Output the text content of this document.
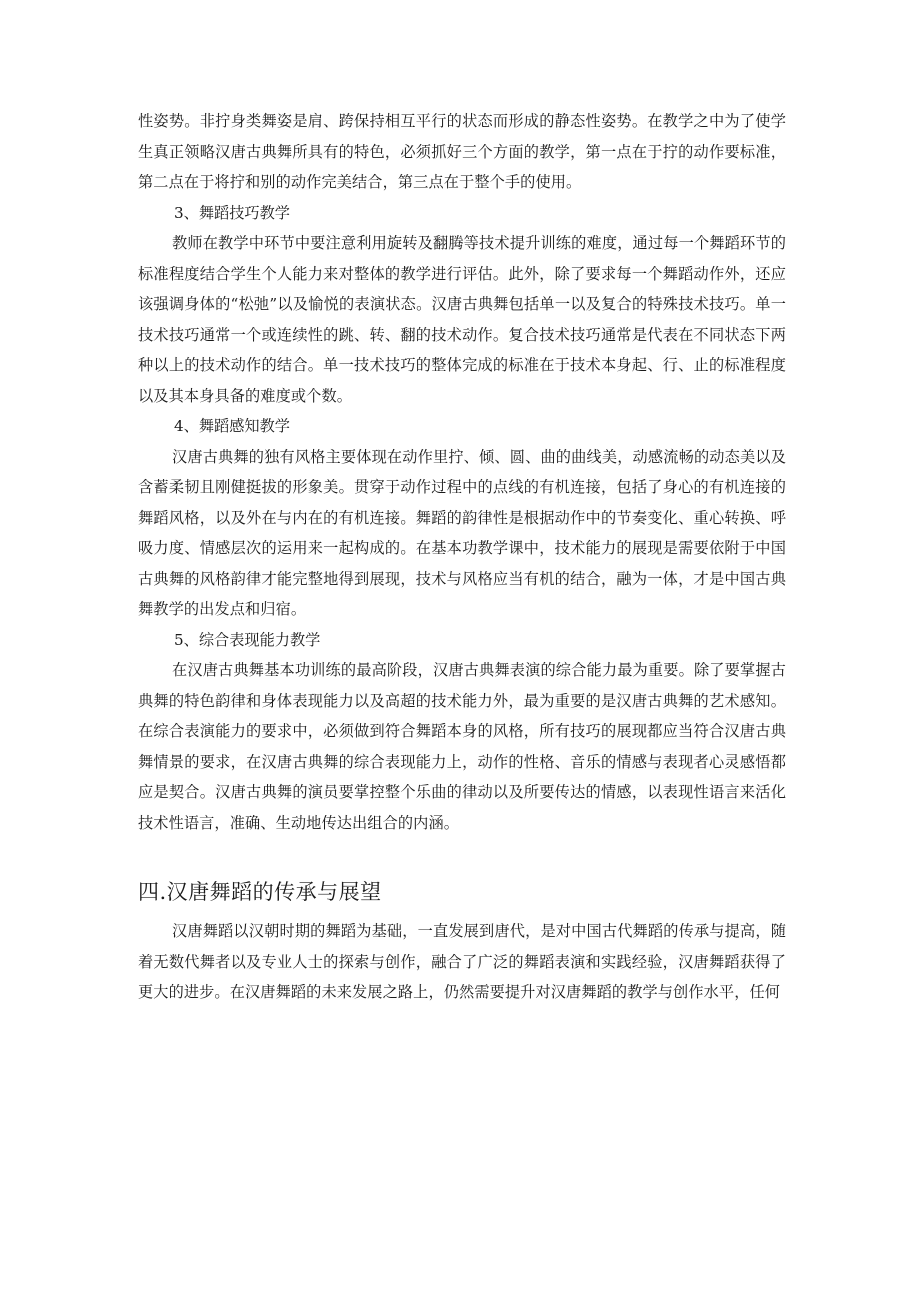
性姿势。非拧身类舞姿是肩、跨保持相互平行的状态而形成的静态性姿势。在教学之中为了使学生真正领略汉唐古典舞所具有的特色，必须抓好三个方面的教学，第一点在于拧的动作要标准，第二点在于将拧和别的动作完美结合，第三点在于整个手的使用。

3、舞蹈技巧教学

教师在教学中环节中要注意利用旋转及翻腾等技术提升训练的难度，通过每一个舞蹈环节的标准程度结合学生个人能力来对整体的教学进行评估。此外，除了要求每一个舞蹈动作外，还应该强调身体的“松弛”以及愉悦的表演状态。汉唐古典舞包括单一以及复合的特殊技术技巧。单一技术技巧通常一个或连续性的跳、转、翻的技术动作。复合技术技巧通常是代表在不同状态下两种以上的技术动作的结合。单一技术技巧的整体完成的标准在于技术本身起、行、止的标准程度以及其本身具备的难度或个数。

4、舞蹈感知教学

汉唐古典舞的独有风格主要体现在动作里拧、倾、圆、曲的曲线美，动感流畅的动态美以及含蓄柔韧且刚健挺拔的形象美。贯穿于动作过程中的点线的有机连接，包括了身心的有机连接的舞蹈风格，以及外在与内在的有机连接。舞蹈的韵律性是根据动作中的节奏变化、重心转换、呼吸力度、情感层次的运用来一起构成的。在基本功教学课中，技术能力的展现是需要依附于中国古典舞的风格韵律才能完整地得到展现，技术与风格应当有机的结合，融为一体，才是中国古典舞教学的出发点和归宿。

5、综合表现能力教学

在汉唐古典舞基本功训练的最高阶段，汉唐古典舞表演的综合能力最为重要。除了要掌握古典舞的特色韵律和身体表现能力以及高超的技术能力外，最为重要的是汉唐古典舞的艺术感知。在综合表演能力的要求中，必须做到符合舞蹈本身的风格，所有技巧的展现都应当符合汉唐古典舞情景的要求，在汉唐古典舞的综合表现能力上，动作的性格、音乐的情感与表现者心灵感悟都应是契合。汉唐古典舞的演员要掌控整个乐曲的律动以及所要传达的情感，以表现性语言来活化技术性语言，准确、生动地传达出组合的内涵。

四.汉唐舞蹈的传承与展望

汉唐舞蹈以汉朝时期的舞蹈为基础，一直发展到唐代，是对中国古代舞蹈的传承与提高，随着无数代舞者以及专业人士的探索与创作，融合了广泛的舞蹈表演和实践经验，汉唐舞蹈获得了更大的进步。在汉唐舞蹈的未来发展之路上，仍然需要提升对汉唐舞蹈的教学与创作水平，任何
